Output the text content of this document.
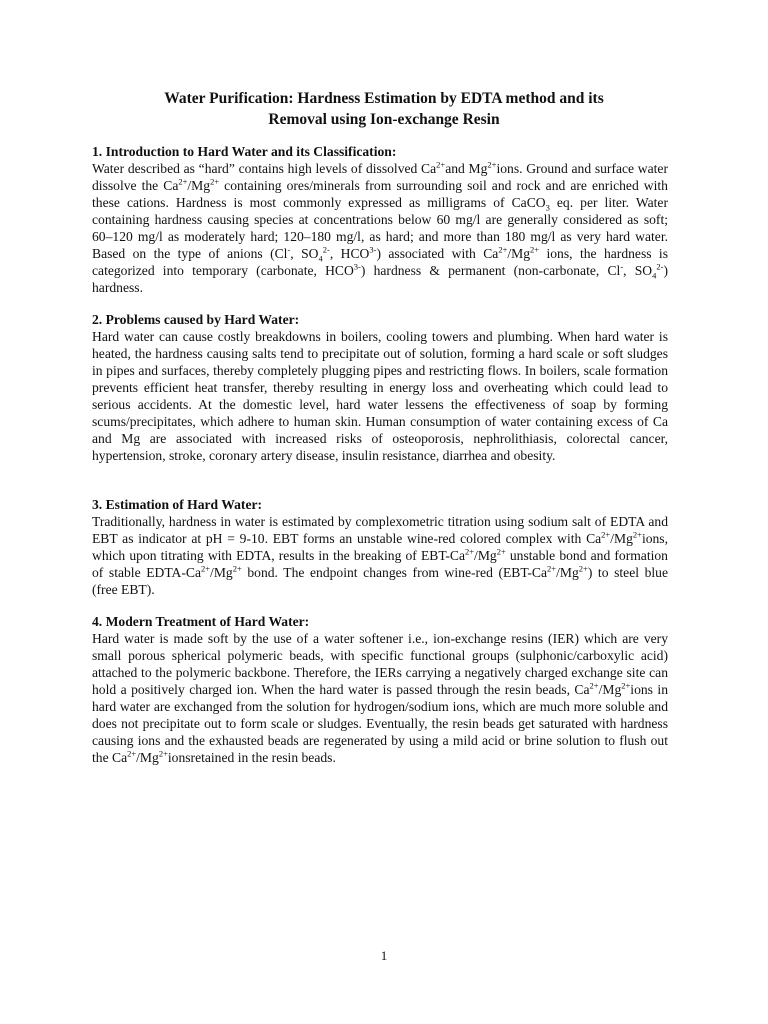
Water Purification: Hardness Estimation by EDTA method and its
Removal using Ion-exchange Resin
1. Introduction to Hard Water and its Classification:

Water described as “hard” contains high levels of dissolved $Ca^{2+}and$ $Mg^{2+}ions$. Ground and surface water dissolve the $Ca^{2+}/Mg^{2+}$ containing ores/minerals from surrounding soil and rock and are enriched with these cations. Hardness is most commonly expressed as milligrams of CaCO$_3$ eq. per liter. Water containing hardness causing species at concentrations below 60 mg/l are generally considered as soft; 60–120 mg/l as moderately hard; 120–180 mg/l, as hard; and more than 180 mg/l as very hard water. Based on the type of anions (Cl-, $SO_4^{2-}$, $HCO^{3-}$) associated with $Ca^{2+}/Mg^{2+}$ ions, the hardness is categorized into temporary (carbonate, $HCO^{3-}$) hardness & permanent (non-carbonate, Cl-, $SO_4^{2-}$) hardness.

2. Problems caused by Hard Water:

Hard water can cause costly breakdowns in boilers, cooling towers and plumbing. When hard water is heated, the hardness causing salts tend to precipitate out of solution, forming a hard scale or soft sludges in pipes and surfaces, thereby completely plugging pipes and restricting flows. In boilers, scale formation prevents efficient heat transfer, thereby resulting in energy loss and overheating which could lead to serious accidents. At the domestic level, hard water lessens the effectiveness of soap by forming scums/precipitates, which adhere to human skin. Human consumption of water containing excess of Ca and Mg are associated with increased risks of osteoporosis, nephrolithiasis, colorectal cancer, hypertension, stroke, coronary artery disease, insulin resistance, diarrhea and obesity.

3. Estimation of Hard Water:

Traditionally, hardness in water is estimated by complexometric titration using sodium salt of EDTA and EBT as indicator at pH = 9-10. EBT forms an unstable wine-red colored complex with $Ca^{2+}/Mg^{2+}ions$, which upon titrating with EDTA, results in the breaking of EBT-$Ca^{2+}/Mg^{2+}$ unstable bond and formation of stable EDTA-$Ca^{2+}/Mg^{2+}$ bond. The endpoint changes from wine-red $(EBT-Ca^{2+}/Mg^{2+})$ to steel blue (free EBT).

4. Modern Treatment of Hard Water:

Hard water is made soft by the use of a water softener i.e., ion-exchange resins (IER) which are very small porous spherical polymeric beads, with specific functional groups (sulphonic/carboxylic acid) attached to the polymeric backbone. Therefore, the IERs carrying a negatively charged exchange site can hold a positively charged ion. When the hard water is passed through the resin beads, $Ca^{2+}/Mg^{2+}ions$ in hard water are exchanged from the solution for hydrogen/sodium ions, which are much more soluble and does not precipitate out to form scale or sludges. Eventually, the resin beads get saturated with hardness causing ions and the exhausted beads are regenerated by using a mild acid or brine solution to flush out the $Ca^{2+}/Mg^{2+}ionsretained$ in the resin beads.

1
